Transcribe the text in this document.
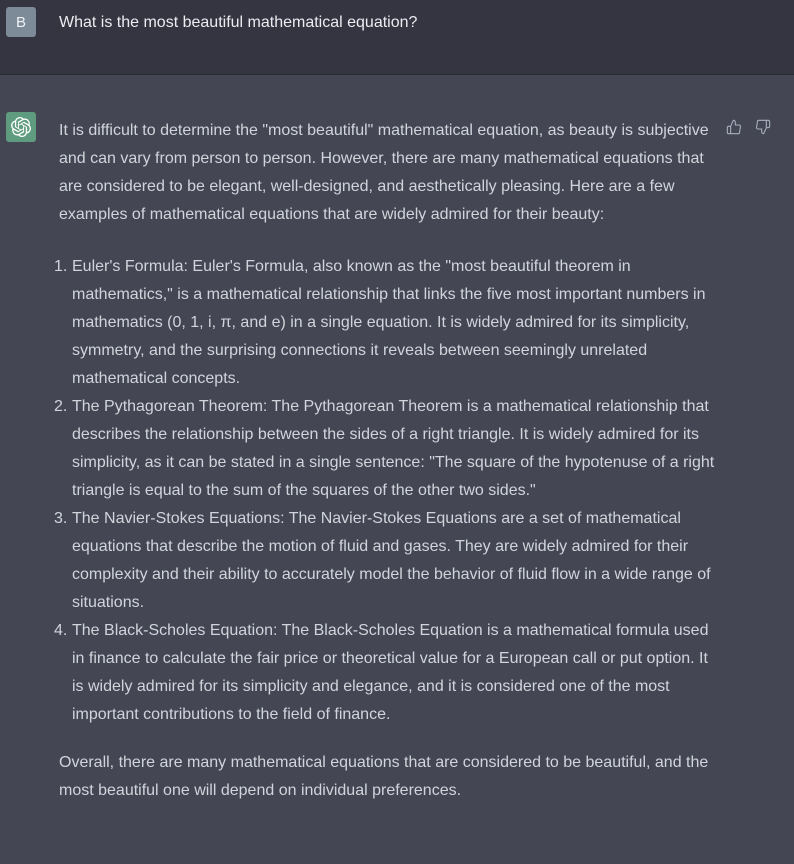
B What is the most beautiful mathematical equation?

It is difficult to determine the "most beautiful" mathematical equation, as beauty is subjective and can vary from person to person. However, there are many mathematical equations that are considered to be elegant, well-designed, and aesthetically pleasing. Here are a few examples of mathematical equations that are widely admired for their beauty:

1. Euler's Formula: Euler's Formula, also known as the "most beautiful theorem in mathematics," is a mathematical relationship that links the five most important numbers in mathematics (0, 1, i, π, and e) in a single equation. It is widely admired for its simplicity, symmetry, and the surprising connections it reveals between seemingly unrelated mathematical concepts.
2. The Pythagorean Theorem: The Pythagorean Theorem is a mathematical relationship that describes the relationship between the sides of a right triangle. It is widely admired for its simplicity, as it can be stated in a single sentence: "The square of the hypotenuse of a right triangle is equal to the sum of the squares of the other two sides."
3. The Navier-Stokes Equations: The Navier-Stokes Equations are a set of mathematical equations that describe the motion of fluid and gases. They are widely admired for their complexity and their ability to accurately model the behavior of fluid flow in a wide range of situations.
4. The Black-Scholes Equation: The Black-Scholes Equation is a mathematical formula used in finance to calculate the fair price or theoretical value for a European call or put option. It is widely admired for its simplicity and elegance, and it is considered one of the most important contributions to the field of finance.

Overall, there are many mathematical equations that are considered to be beautiful, and the most beautiful one will depend on individual preferences.
